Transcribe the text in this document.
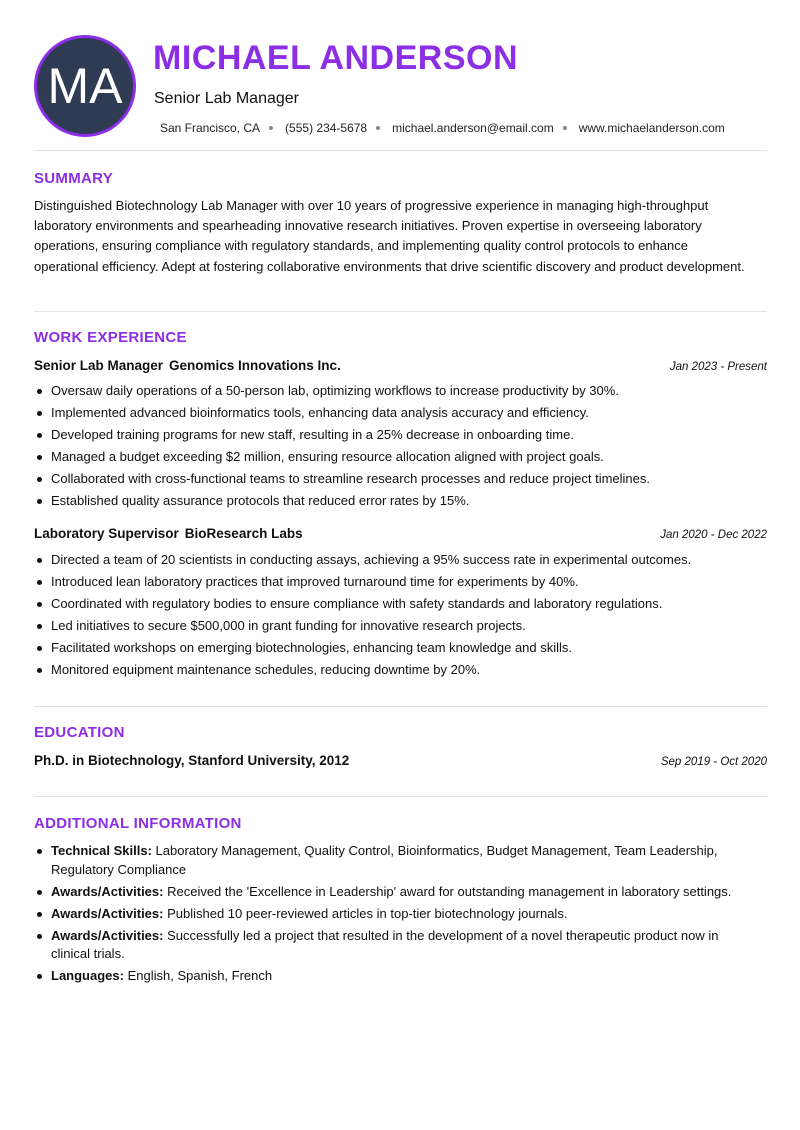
MA MICHAEL ANDERSON
Senior Lab Manager
San Francisco, CA (555) 234-5678 michael.anderson@email.com www.michaelanderson.com
SUMMARY

Distinguished Biotechnology Lab Manager with over 10 years of progressive experience in managing high-throughput laboratory environments and spearheading innovative research initiatives. Proven expertise in overseeing laboratory operations, ensuring compliance with regulatory standards, and implementing quality control protocols to enhance operational efficiency. Adept at fostering collaborative environments that drive scientific discovery and product development.

WORK EXPERIENCE
Senior Lab Manager Genomics Innovations Inc.	Jan 2023 - Present
Oversaw daily operations of a 50-person lab, optimizing workflows to increase productivity by 30%.
Implemented advanced bioinformatics tools, enhancing data analysis accuracy and efficiency.
Developed training programs for new staff, resulting in a 25% decrease in onboarding time.
Managed a budget exceeding $2 million, ensuring resource allocation aligned with project goals.
Collaborated with cross-functional teams to streamline research processes and reduce project timelines.
Established quality assurance protocols that reduced error rates by 15%.
Laboratory Supervisor BioResearch Labs	Jan 2020 - Dec 2022
Directed a team of 20 scientists in conducting assays, achieving a 95% success rate in experimental outcomes.
Introduced lean laboratory practices that improved turnaround time for experiments by 40%.
Coordinated with regulatory bodies to ensure compliance with safety standards and laboratory regulations.
Led initiatives to secure $500,000 in grant funding for innovative research projects.
Facilitated workshops on emerging biotechnologies, enhancing team knowledge and skills.
Monitored equipment maintenance schedules, reducing downtime by 20%.
EDUCATION
Ph.D. in Biotechnology, Stanford University, 2012	Sep 2019 - Oct 2020
ADDITIONAL INFORMATION
Technical Skills: Laboratory Management, Quality Control, Bioinformatics, Budget Management, Team Leadership, Regulatory Compliance
Awards/Activities: Received the 'Excellence in Leadership' award for outstanding management in laboratory settings.
Awards/Activities: Published 10 peer-reviewed articles in top-tier biotechnology journals.
Awards/Activities: Successfully led a project that resulted in the development of a novel therapeutic product now in clinical trials.
Languages: English, Spanish, French
